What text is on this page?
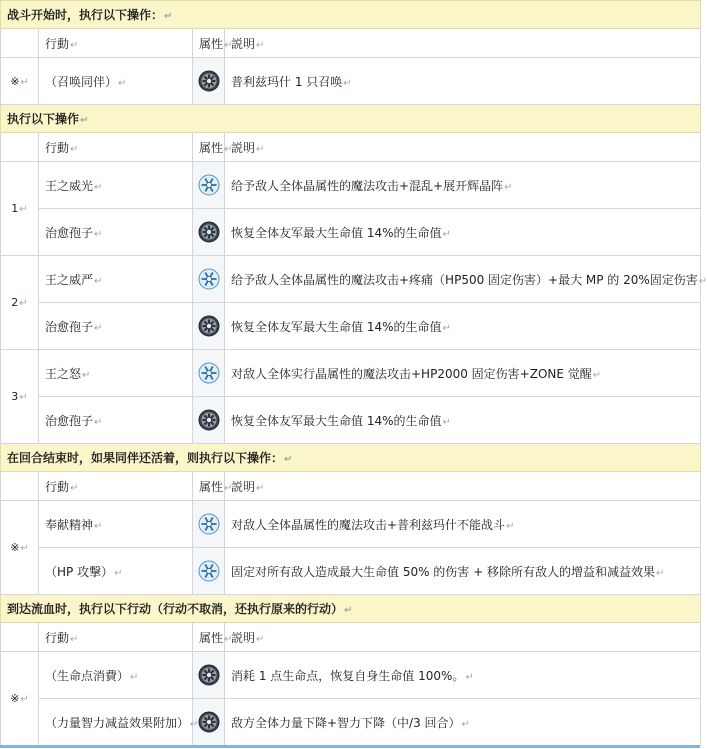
战斗开始时，执行以下操作：↵			
	行動↵	属性↵	説明↵
※↵	（召唤同伴）↵		普利兹玛什 1 只召唤↵
执行以下操作↵			
	行動↵	属性↵	説明↵
1↵	王之威光↵		给予敌人全体晶属性的魔法攻击+混乱+展开辉晶阵↵
	治愈孢子↵		恢复全体友军最大生命值 14%的生命值↵
2↵	王之威严↵		给予敌人全体晶属性的魔法攻击+疼痛（HP500 固定伤害）+最大 MP 的 20%固定伤害↵
	治愈孢子↵		恢复全体友军最大生命值 14%的生命值↵
3↵	王之怒↵		对敌人全体实行晶属性的魔法攻击+HP2000 固定伤害+ZONE 觉醒↵
	治愈孢子↵		恢复全体友军最大生命值 14%的生命值↵
在回合结束时，如果同伴还活着，则执行以下操作：↵			
	行動↵	属性↵	説明↵
※↵	奉献精神↵		对敌人全体晶属性的魔法攻击+普利兹玛什不能战斗↵
	（HP 攻撃）↵		固定对所有敌人造成最大生命值 50% 的伤害 + 移除所有敌人的增益和减益效果↵
到达流血时，执行以下行动（行动不取消，还执行原来的行动）↵			
	行動↵	属性↵	説明↵
※↵	（生命点消費）↵		消耗 1 点生命点，恢复自身生命值 100%。↵
	（力量智力减益效果附加）↵		敌方全体力量下降+智力下降（中/3 回合）↵
